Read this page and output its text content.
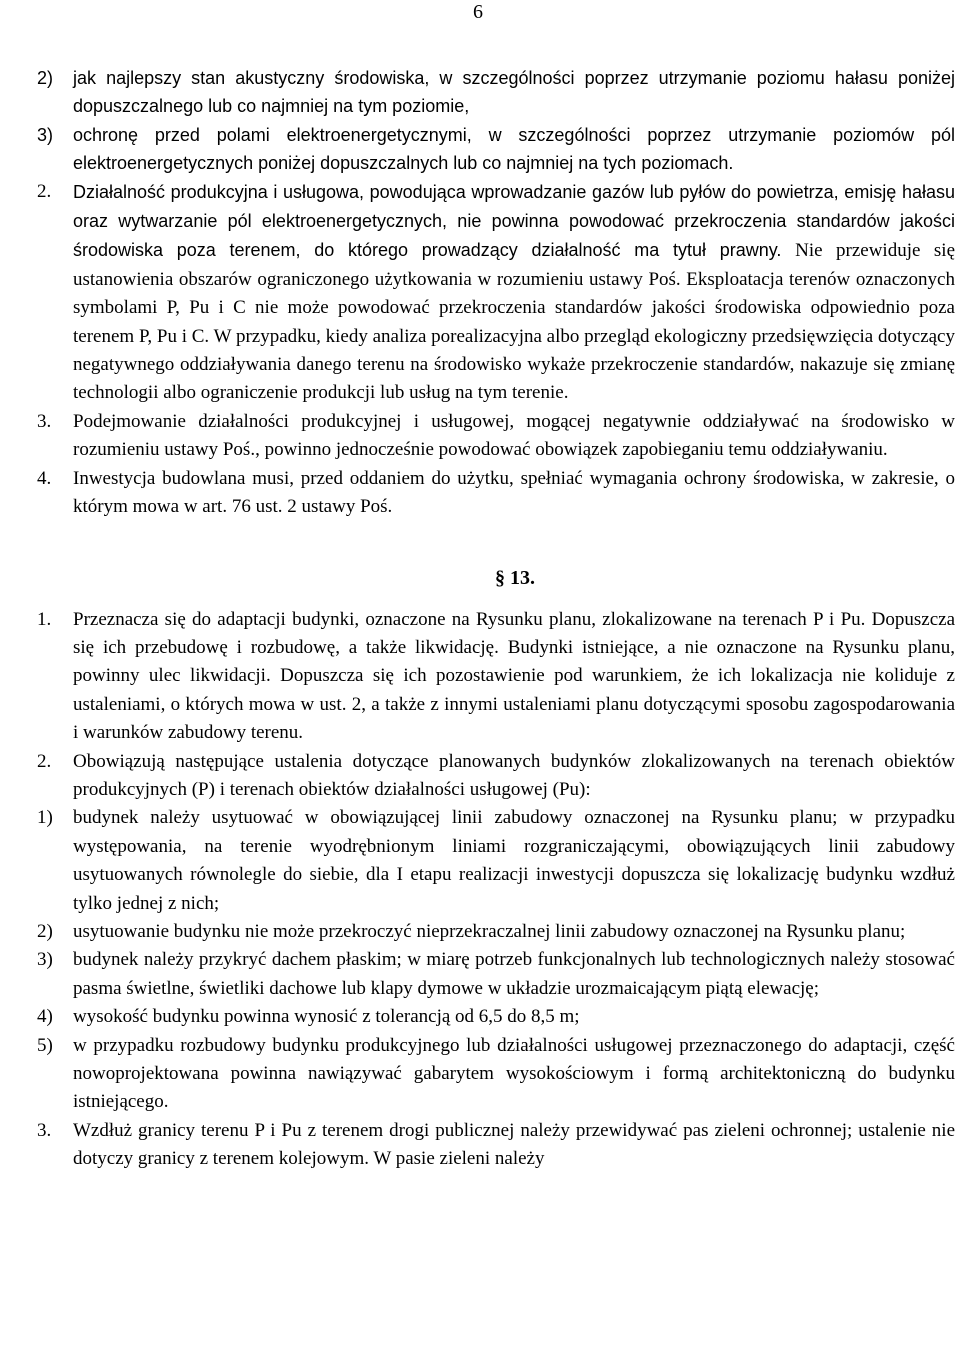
6
2)	jak najlepszy stan akustyczny środowiska, w szczególności poprzez utrzymanie poziomu hałasu poniżej dopuszczalnego lub co najmniej na tym poziomie,
3)	ochronę przed polami elektroenergetycznymi, w szczególności poprzez utrzymanie poziomów pól elektroenergetycznych poniżej dopuszczalnych lub co najmniej na tych poziomach.
2.	Działalność produkcyjna i usługowa, powodująca wprowadzanie gazów lub pyłów do powietrza, emisję hałasu oraz wytwarzanie pól elektroenergetycznych, nie powinna powodować przekroczenia standardów jakości środowiska poza terenem, do którego prowadzący działalność ma tytuł prawny. Nie przewiduje się ustanowienia obszarów ograniczonego użytkowania w rozumieniu ustawy Poś. Eksploatacja terenów oznaczonych symbolami P, Pu i C nie może powodować przekroczenia standardów jakości środowiska odpowiednio poza terenem P, Pu i C. W przypadku, kiedy analiza porealizacyjna albo przegląd ekologiczny przedsięwzięcia dotyczący negatywnego oddziaływania danego terenu na środowisko wykaże przekroczenie standardów, nakazuje się zmianę technologii albo ograniczenie produkcji lub usług na tym terenie.
3.	Podejmowanie działalności produkcyjnej i usługowej, mogącej negatywnie oddziaływać na środowisko w rozumieniu ustawy Poś., powinno jednocześnie powodować obowiązek zapobieganiu temu oddziaływaniu.
4.	Inwestycja budowlana musi, przed oddaniem do użytku, spełniać wymagania ochrony środowiska, w zakresie, o którym mowa w art. 76 ust. 2 ustawy Poś.
§ 13.
1.	Przeznacza się do adaptacji budynki, oznaczone na Rysunku planu, zlokalizowane na terenach P i Pu. Dopuszcza się ich przebudowę i rozbudowę, a także likwidację. Budynki istniejące, a nie oznaczone na Rysunku planu, powinny ulec likwidacji. Dopuszcza się ich pozostawienie pod warunkiem, że ich lokalizacja nie koliduje z ustaleniami, o których mowa w ust. 2, a także z innymi ustaleniami planu dotyczącymi sposobu zagospodarowania i warunków zabudowy terenu.
2.	Obowiązują następujące ustalenia dotyczące planowanych budynków zlokalizowanych na terenach obiektów produkcyjnych (P) i terenach obiektów działalności usługowej (Pu):
1)	budynek należy usytuować w obowiązującej linii zabudowy oznaczonej na Rysunku planu; w przypadku występowania, na terenie wyodrębnionym liniami rozgraniczającymi, obowiązujących linii zabudowy usytuowanych równolegle do siebie, dla I etapu realizacji inwestycji dopuszcza się lokalizację budynku wzdłuż tylko jednej z nich;
2)	usytuowanie budynku nie może przekroczyć nieprzekraczalnej linii zabudowy oznaczonej na Rysunku planu;
3)	budynek należy przykryć dachem płaskim; w miarę potrzeb funkcjonalnych lub technologicznych należy stosować pasma świetlne, świetliki dachowe lub klapy dymowe w układzie urozmaicającym piątą elewację;
4)	wysokość budynku powinna wynosić z tolerancją od 6,5 do 8,5 m;
5)	w przypadku rozbudowy budynku produkcyjnego lub działalności usługowej przeznaczonego do adaptacji, część nowoprojektowana powinna nawiązywać gabarytem wysokościowym i formą architektoniczną do budynku istniejącego.
3.	Wzdłuż granicy terenu P i Pu z terenem drogi publicznej należy przewidywać pas zieleni ochronnej; ustalenie nie dotyczy granicy z terenem kolejowym. W pasie zieleni należy
